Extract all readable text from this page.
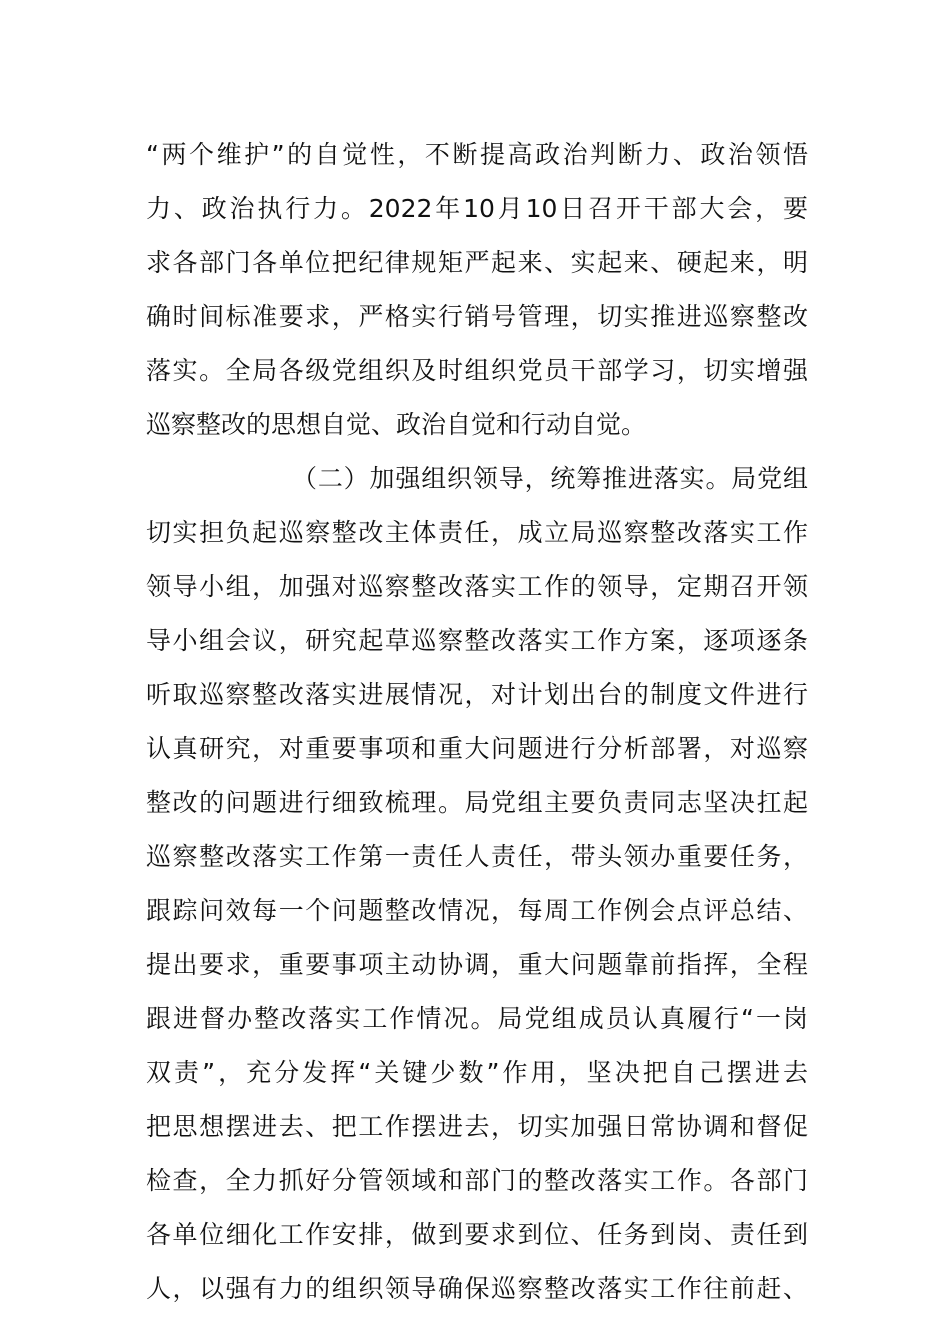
“两个维护”的自觉性，不断提高政治判断力、政治领悟
力、政治执行力。2022年10月10日召开干部大会，要
求各部门各单位把纪律规矩严起来、实起来、硬起来，明
确时间标准要求，严格实行销号管理，切实推进巡察整改
落实。全局各级党组织及时组织党员干部学习，切实增强
巡察整改的思想自觉、政治自觉和行动自觉。
（二）加强组织领导，统筹推进落实。局党组
切实担负起巡察整改主体责任，成立局巡察整改落实工作
领导小组，加强对巡察整改落实工作的领导，定期召开领
导小组会议，研究起草巡察整改落实工作方案，逐项逐条
听取巡察整改落实进展情况，对计划出台的制度文件进行
认真研究，对重要事项和重大问题进行分析部署，对巡察
整改的问题进行细致梳理。局党组主要负责同志坚决扛起
巡察整改落实工作第一责任人责任，带头领办重要任务，
跟踪问效每一个问题整改情况，每周工作例会点评总结、
提出要求，重要事项主动协调，重大问题靠前指挥，全程
跟进督办整改落实工作情况。局党组成员认真履行“一岗
双责”，充分发挥“关键少数”作用，坚决把自己摆进去
把思想摆进去、把工作摆进去，切实加强日常协调和督促
检查，全力抓好分管领域和部门的整改落实工作。各部门
各单位细化工作安排，做到要求到位、任务到岗、责任到
人，以强有力的组织领导确保巡察整改落实工作往前赶、
